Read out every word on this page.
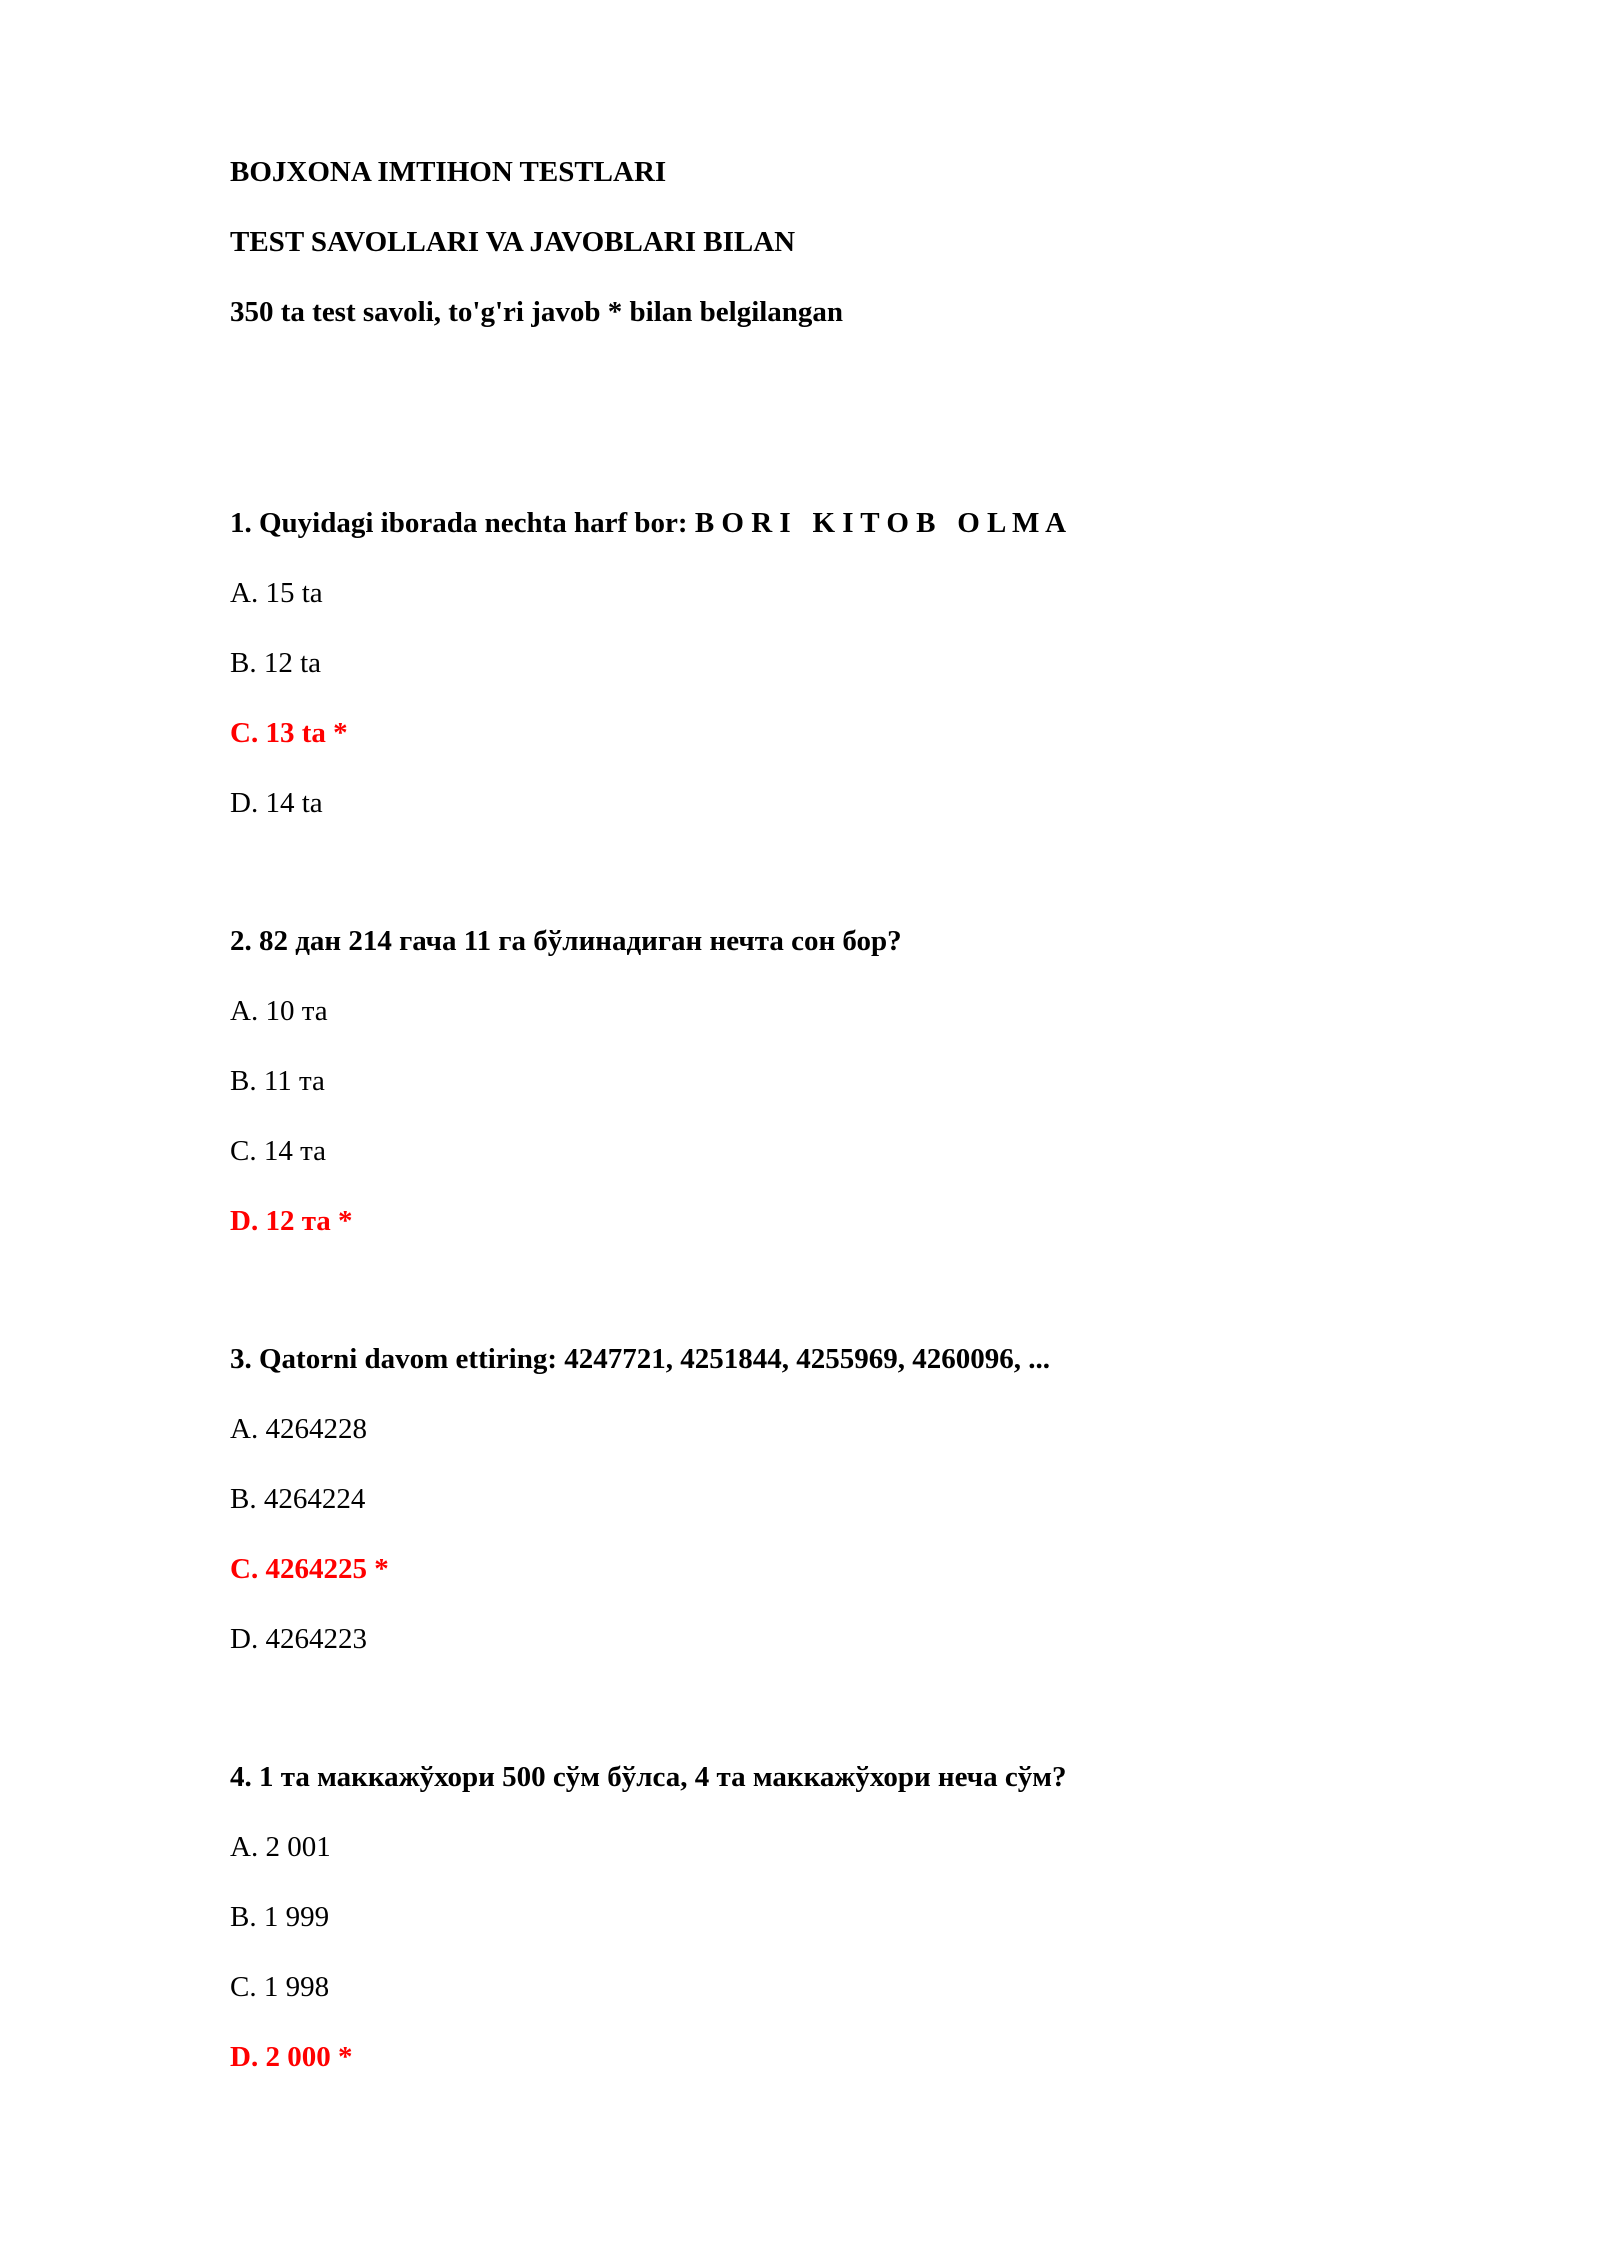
BOJXONA IMTIHON TESTLARI
TEST SAVOLLARI VA JAVOBLARI BILAN
350 ta test savoli, to'g'ri javob * bilan belgilangan
1. Quyidagi iborada nechta harf bor: B O R I   K I T O B   O L M A
A. 15 ta
B. 12 ta
C. 13 ta *
D. 14 ta
2. 82 дан 214 гача 11 га бўлинадиган нечта сон бор?
A. 10 та
B. 11 та
C. 14 та
D. 12 та *
3. Qatorni davom ettiring: 4247721, 4251844, 4255969, 4260096, ...
A. 4264228
B. 4264224
C. 4264225 *
D. 4264223
4. 1 та маккажўхори 500 сўм бўлса, 4 та маккажўхори неча сўм?
A. 2 001
B. 1 999
C. 1 998
D. 2 000 *
